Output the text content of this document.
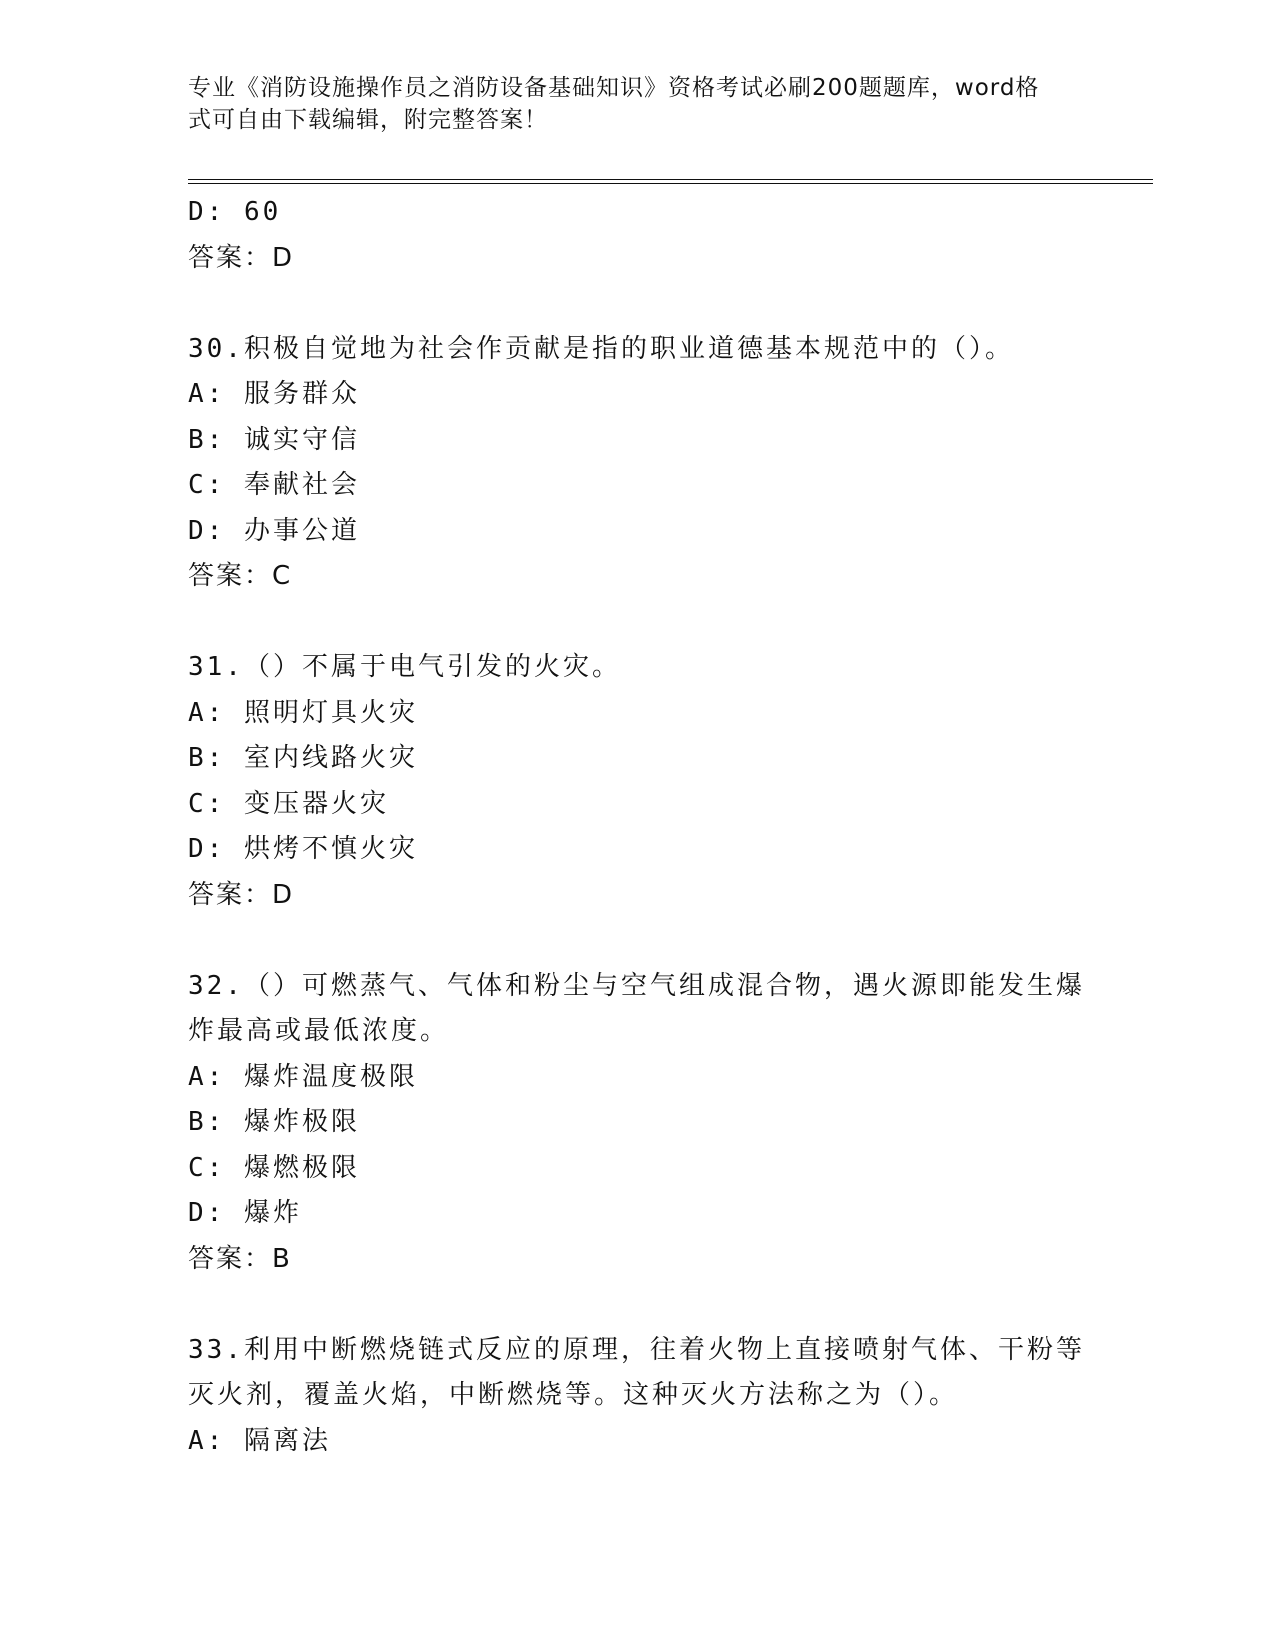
专业《消防设施操作员之消防设备基础知识》资格考试必刷200题题库，word格
式可自由下载编辑，附完整答案！
D: 60
答案：D
30.积极自觉地为社会作贡献是指的职业道德基本规范中的（）。
A: 服务群众
B: 诚实守信
C: 奉献社会
D: 办事公道
答案：C
31.（）不属于电气引发的火灾。
A: 照明灯具火灾
B: 室内线路火灾
C: 变压器火灾
D: 烘烤不慎火灾
答案：D
32.（）可燃蒸气、气体和粉尘与空气组成混合物，遇火源即能发生爆
炸最高或最低浓度。
A: 爆炸温度极限
B: 爆炸极限
C: 爆燃极限
D: 爆炸
答案：B
33.利用中断燃烧链式反应的原理，往着火物上直接喷射气体、干粉等
灭火剂，覆盖火焰，中断燃烧等。这种灭火方法称之为（）。
A: 隔离法
